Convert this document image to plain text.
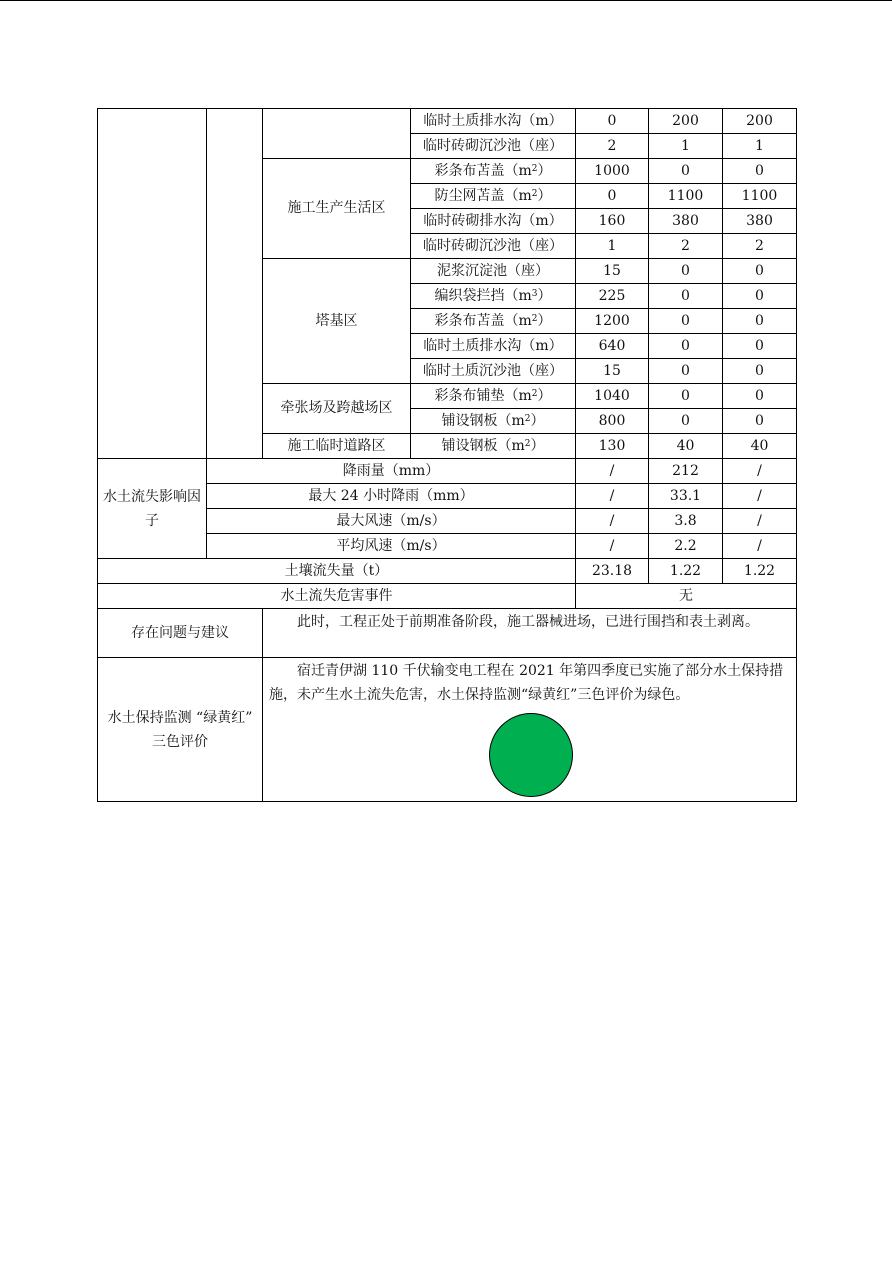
			临时土质排水沟（m）	0	200	200
			临时砖砌沉沙池（座）	2	1	1
		施工生产生活区	彩条布苫盖$(m^2)$	1000	0	0
			防尘网苫盖$(m^2)$	0	1100	1100
			临时砖砌排水沟（m）	160	380	380
			临时砖砌沉沙池（座）	1	2	2
		塔基区	泥浆沉淀池（座）	15	0	0
			编织袋拦挡$(m^3)$	225	0	0
			彩条布苫盖$(m^2)$	1200	0	0
			临时土质排水沟（m）	640	0	0
			临时土质沉沙池（座）	15	0	0
		牵张场及跨越场区	彩条布铺垫$(m^2)$	1040	0	0
			铺设钢板$(m^2)$	800	0	0
		施工临时道路区	铺设钢板$(m^2)$	130	40	40
水土流失影响因子	降雨量（mm）			/	212	/
	最大 24 小时降雨（mm）			/	33.1	/
	最大风速（m/s）			/	3.8	/
	平均风速（m/s）			/	2.2	/
土壤流失量（t）				23.18	1.22	1.22
水土流失危害事件				无		
存在问题与建议		此时，工程正处于前期准备阶段，施工器械进场，已进行围挡和表土剥离。				
水土保持监测 “绿黄红” 三色评价		宿迁青伊湖 110 千伏输变电工程在 2021 年第四季度已实施了部分水土保持措施，未产生水土流失危害，水土保持监测“绿黄红”三色评价为绿色。				
